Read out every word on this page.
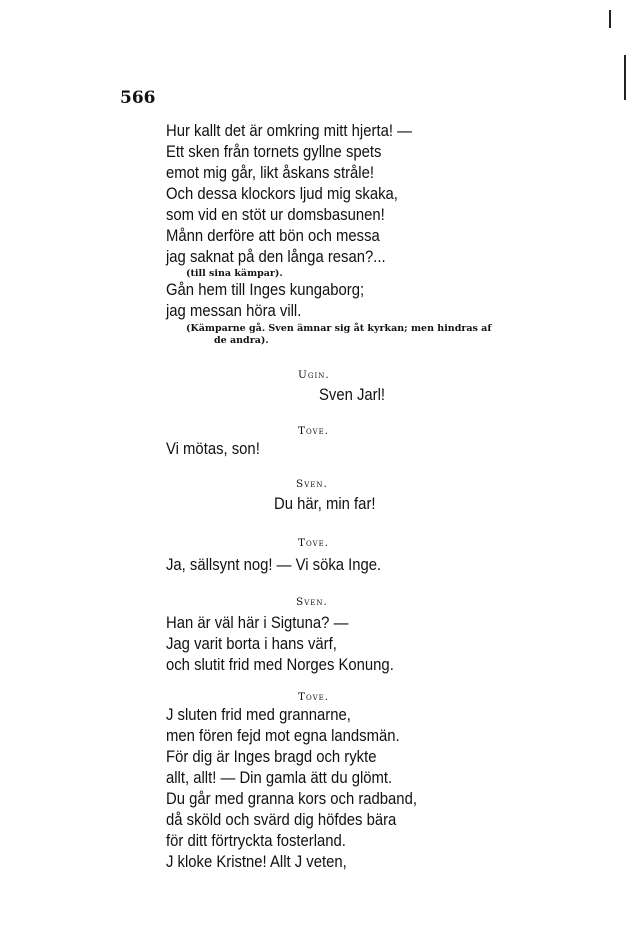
566
Hur kallt det är omkring mitt hjerta! —
Ett sken från tornets gyllne spets
emot mig går, likt åskans stråle!
Och dessa klockors ljud mig skaka,
som vid en stöt ur domsbasunen!
Månn derföre att bön och messa
jag saknat på den långa resan?...
(till sina kämpar).
Gån hem till Inges kungaborg;
jag messan höra vill.
(Kämparne gå. Sven ämnar sig åt kyrkan; men hindras af
de andra).
Ugin.
Sven Jarl!
Tove.
Vi mötas, son!
Sven.
Du här, min far!
Tove.
Ja, sällsynt nog! — Vi söka Inge.
Sven.
Han är väl här i Sigtuna? —
Jag varit borta i hans värf,
och slutit frid med Norges Konung.
Tove.
J sluten frid med grannarne,
men fören fejd mot egna landsmän.
För dig är Inges bragd och rykte
allt, allt! — Din gamla ätt du glömt.
Du går med granna kors och radband,
då sköld och svärd dig höfdes bära
för ditt förtryckta fosterland.
J kloke Kristne! Allt J veten,
